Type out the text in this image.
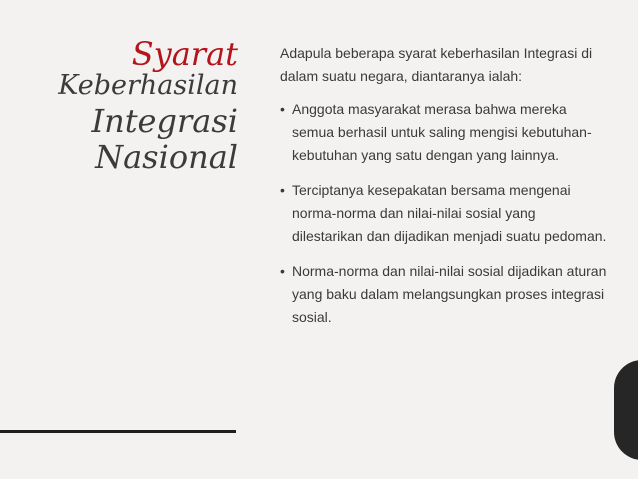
Syarat
Keberhasilan
Integrasi
Nasional

Adapula beberapa syarat keberhasilan Integrasi di dalam suatu negara, diantaranya ialah:

• Anggota masyarakat merasa bahwa mereka semua berhasil untuk saling mengisi kebutuhan-kebutuhan yang satu dengan yang lainnya.
• Terciptanya kesepakatan bersama mengenai norma-norma dan nilai-nilai sosial yang dilestarikan dan dijadikan menjadi suatu pedoman.
• Norma-norma dan nilai-nilai sosial dijadikan aturan yang baku dalam melangsungkan proses integrasi sosial.
